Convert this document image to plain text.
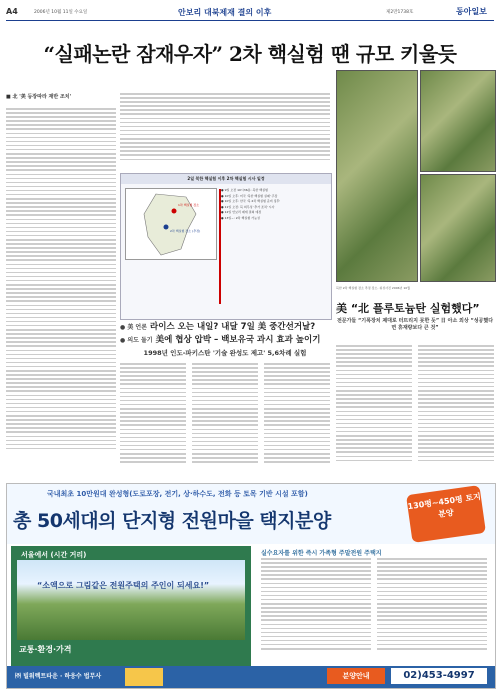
A4	2006년 10월 11일 수요일	안보리 대북제재 결의 이후	제2만1738호	동아일보
“실패논란 잠재우자” 2차 핵실험 땐 규모 키울듯
■ 北 '美 등장따라 재반 조치'
2일 북한 핵실험 이후 2차 핵실험 시사 일정
1차 핵실험 장소
2차 핵실험 장소 (추정)
● 9일 오전 10시36분: 북한 핵실험
● 10일 오후: 미국 '북한 핵실험 실패' 주장
● 10일 오후: 한국 '북 2차 핵실험 준비 징후'
● 11일 오전: 북 외무성 '추가 조치' 시사
● 12일 안보리 제재 결의 예정
● 13일~: 2차 핵실험 가능성
● 美 언론 라이스 오는 내일? 내달 7일 美 중간선거날?
● 의도 둘기 美에 협상 압박 – 백보유국 과시 효과 높이기
1998년 인도-파키스탄 '기술 완성도 제고' 5,6차례 실험
북한 2차 핵실험 장소 추정 장소. 위성사진 2006년 10월
美 “北 플루토늄탄 실험했다”
전문가들 “기폭장치 제대로 터뜨리지 못한 듯” 日 아소 외상 “성공했다면 휴재량보다 큰 것”
국내최초 10만원대 완성형(도로포장, 전기, 상·하수도, 전화 등 토목 기반 시설 포함)
총 50세대의 단지형 전원마을 택지분양
130평~450평 토지분양
서울에서 (시간 거리)
“소액으로 그림같은 전원주택의 주인이 되세요!”
교통·환경·가격
실수요자를 위한 즉시 가족형 주말전원 주택지
㈜ 빌워렉트타운 · 하웅수 법무사	분양안내	02)453-4997
